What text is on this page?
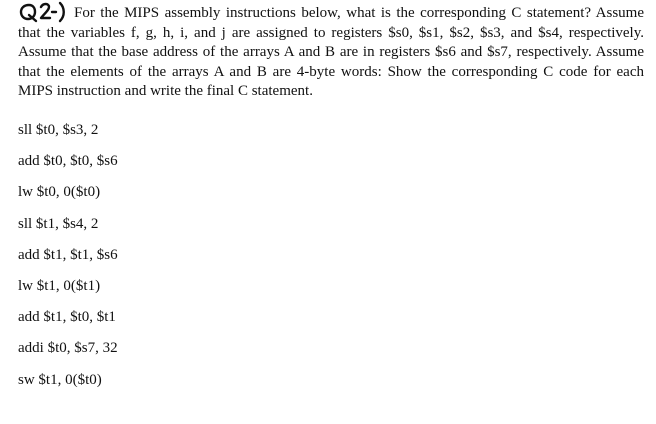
For the MIPS assembly instructions below, what is the corresponding C statement? Assume that the variables f, g, h, i, and j are assigned to registers $s0, $s1, $s2, $s3, and $s4, respectively. Assume that the base address of the arrays A and B are in registers $s6 and $s7, respectively. Assume that the elements of the arrays A and B are 4-byte words: Show the corresponding C code for each MIPS instruction and write the final C statement.

sll $t0, $s3, 2
add $t0, $t0, $s6
lw $t0, 0($t0)
sll $t1, $s4, 2
add $t1, $t1, $s6
lw $t1, 0($t1)
add $t1, $t0, $t1
addi $t0, $s7, 32
sw $t1, 0($t0)
